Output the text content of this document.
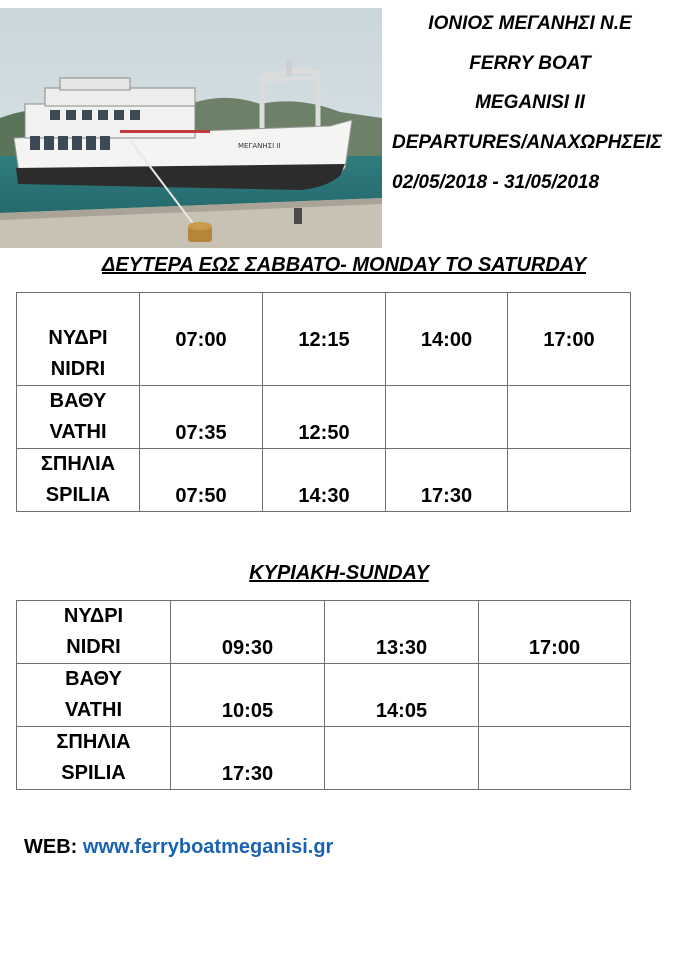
ΜΕΓΑΝΗΣΙ ΙΙ
ΙΟΝΙΟΣ ΜΕΓΑΝΗΣΙ Ν.Ε
FERRY BOAT
MEGANISI II
DEPARTURES/ΑΝΑΧΩΡΗΣΕΙΣ
02/05/2018 - 31/05/2018
ΔΕΥΤΕΡΑ ΕΩΣ ΣΑΒΒΑΤΟ- MONDAY TO SATURDAY
ΝΥΔΡΙ
NIDRI	07:00	12:15	14:00	17:00

ΒΑΘΥ
VATHI	07:35	12:50		

ΣΠΗΛΙΑ
SPILIA	07:50	14:30	17:30	
ΚΥΡΙΑΚΗ-SUNDAY
ΝΥΔΡΙ
NIDRI	09:30	13:30	17:00

ΒΑΘΥ
VATHI	10:05	14:05	

ΣΠΗΛΙΑ
SPILIA	17:30		
WEB: www.ferryboatmeganisi.gr
